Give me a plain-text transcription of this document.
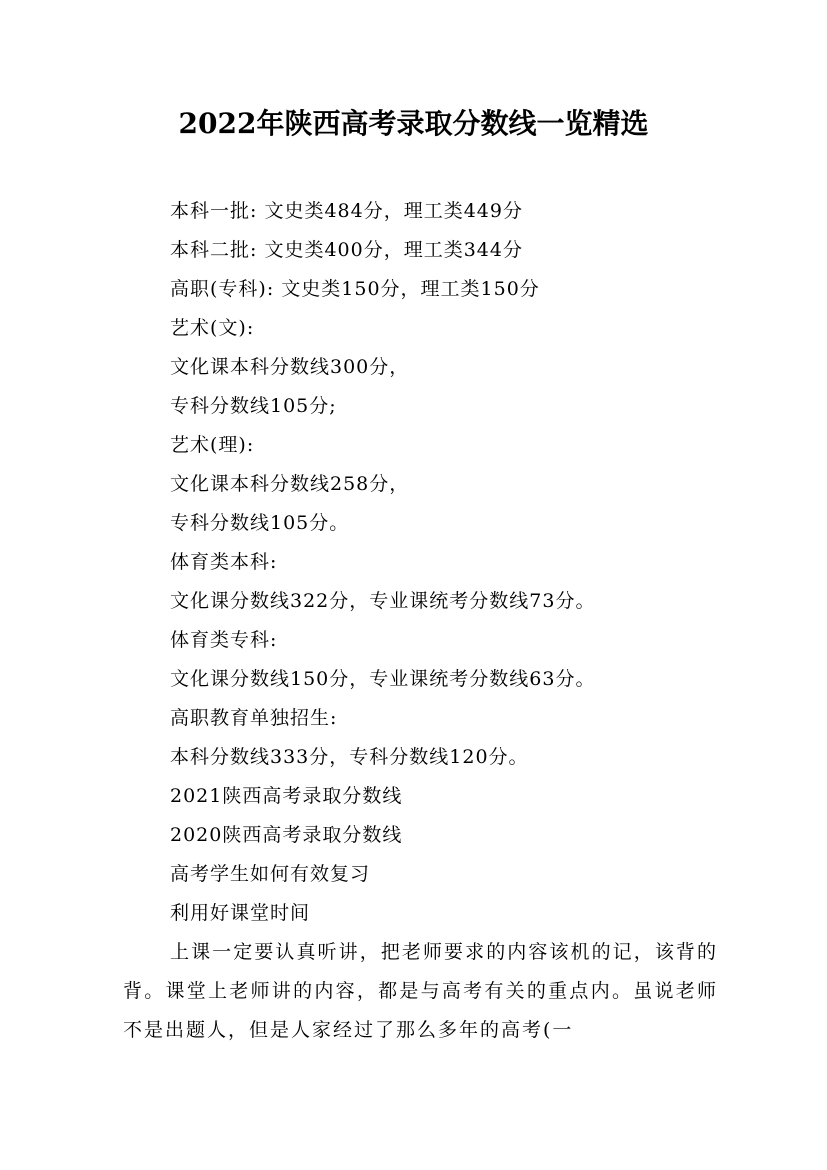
2022年陕西高考录取分数线一览精选

本科一批: 文史类484分，理工类449分

本科二批: 文史类400分，理工类344分

高职(专科): 文史类150分，理工类150分

艺术(文):

文化课本科分数线300分，

专科分数线105分;

艺术(理):

文化课本科分数线258分，

专科分数线105分。

体育类本科:

文化课分数线322分，专业课统考分数线73分。

体育类专科:

文化课分数线150分，专业课统考分数线63分。

高职教育单独招生:

本科分数线333分，专科分数线120分。

2021陕西高考录取分数线

2020陕西高考录取分数线

高考学生如何有效复习

利用好课堂时间

上课一定要认真听讲，把老师要求的内容该机的记，该背的背。课堂上老师讲的内容，都是与高考有关的重点内。虽说老师不是出题人，但是人家经过了那么多年的高考(一
